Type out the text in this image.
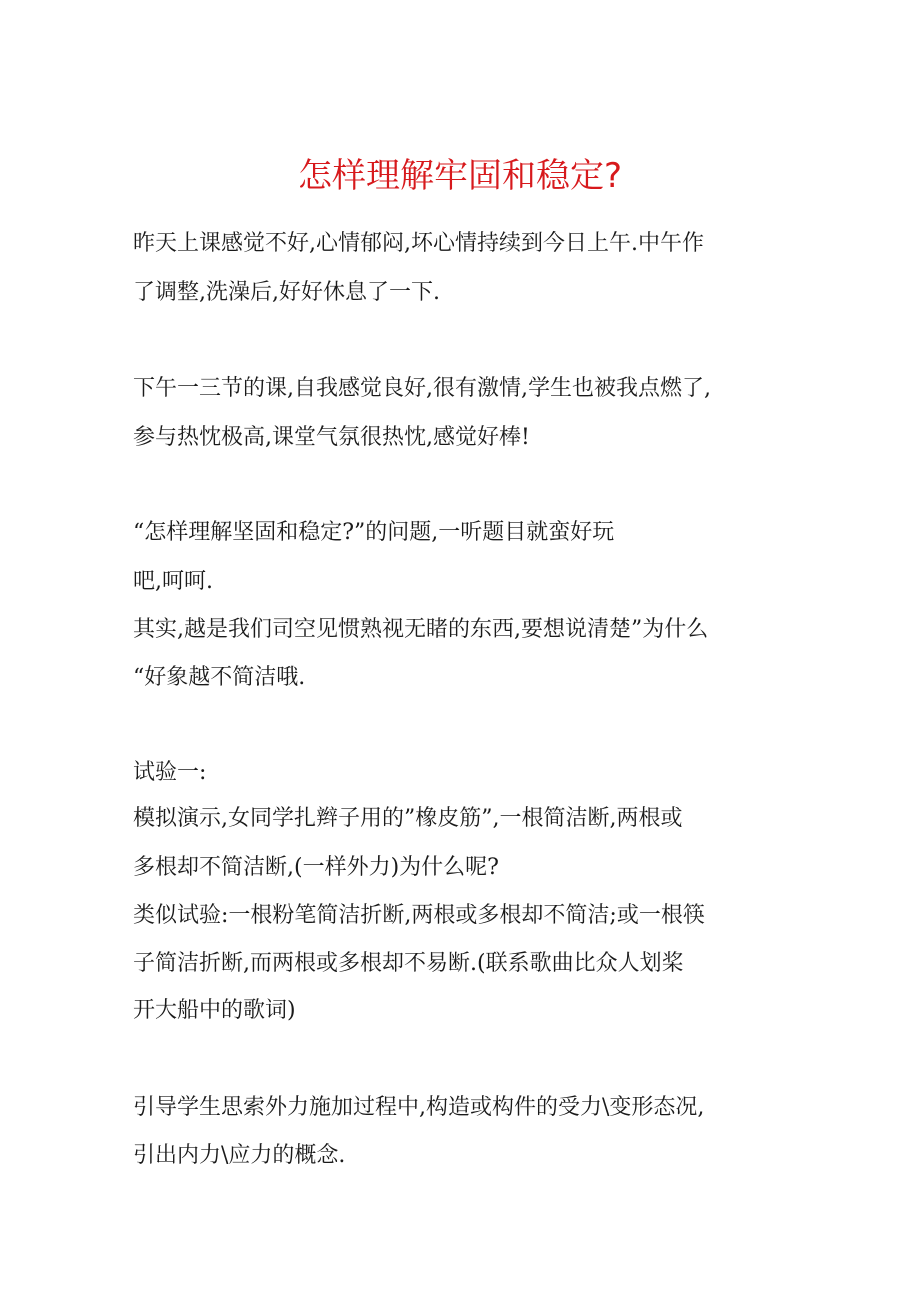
怎样理解牢固和稳定?
昨天上课感觉不好,心情郁闷,坏心情持续到今日上午.中午作
了调整,洗澡后,好好休息了一下.
下午一三节的课,自我感觉良好,很有激情,学生也被我点燃了,
参与热忱极高,课堂气氛很热忱,感觉好棒!
“怎样理解坚固和稳定?”的问题,一听题目就蛮好玩
吧,呵呵.
其实,越是我们司空见惯熟视无睹的东西,要想说清楚”为什么
“好象越不简洁哦.
试验一:
模拟演示,女同学扎辫子用的”橡皮筋”,一根简洁断,两根或
多根却不简洁断,(一样外力)为什么呢?
类似试验:一根粉笔简洁折断,两根或多根却不简洁;或一根筷
子简洁折断,而两根或多根却不易断.(联系歌曲比众人划桨
开大船中的歌词)
引导学生思索外力施加过程中,构造或构件的受力\变形态况,
引出内力\应力的概念.
